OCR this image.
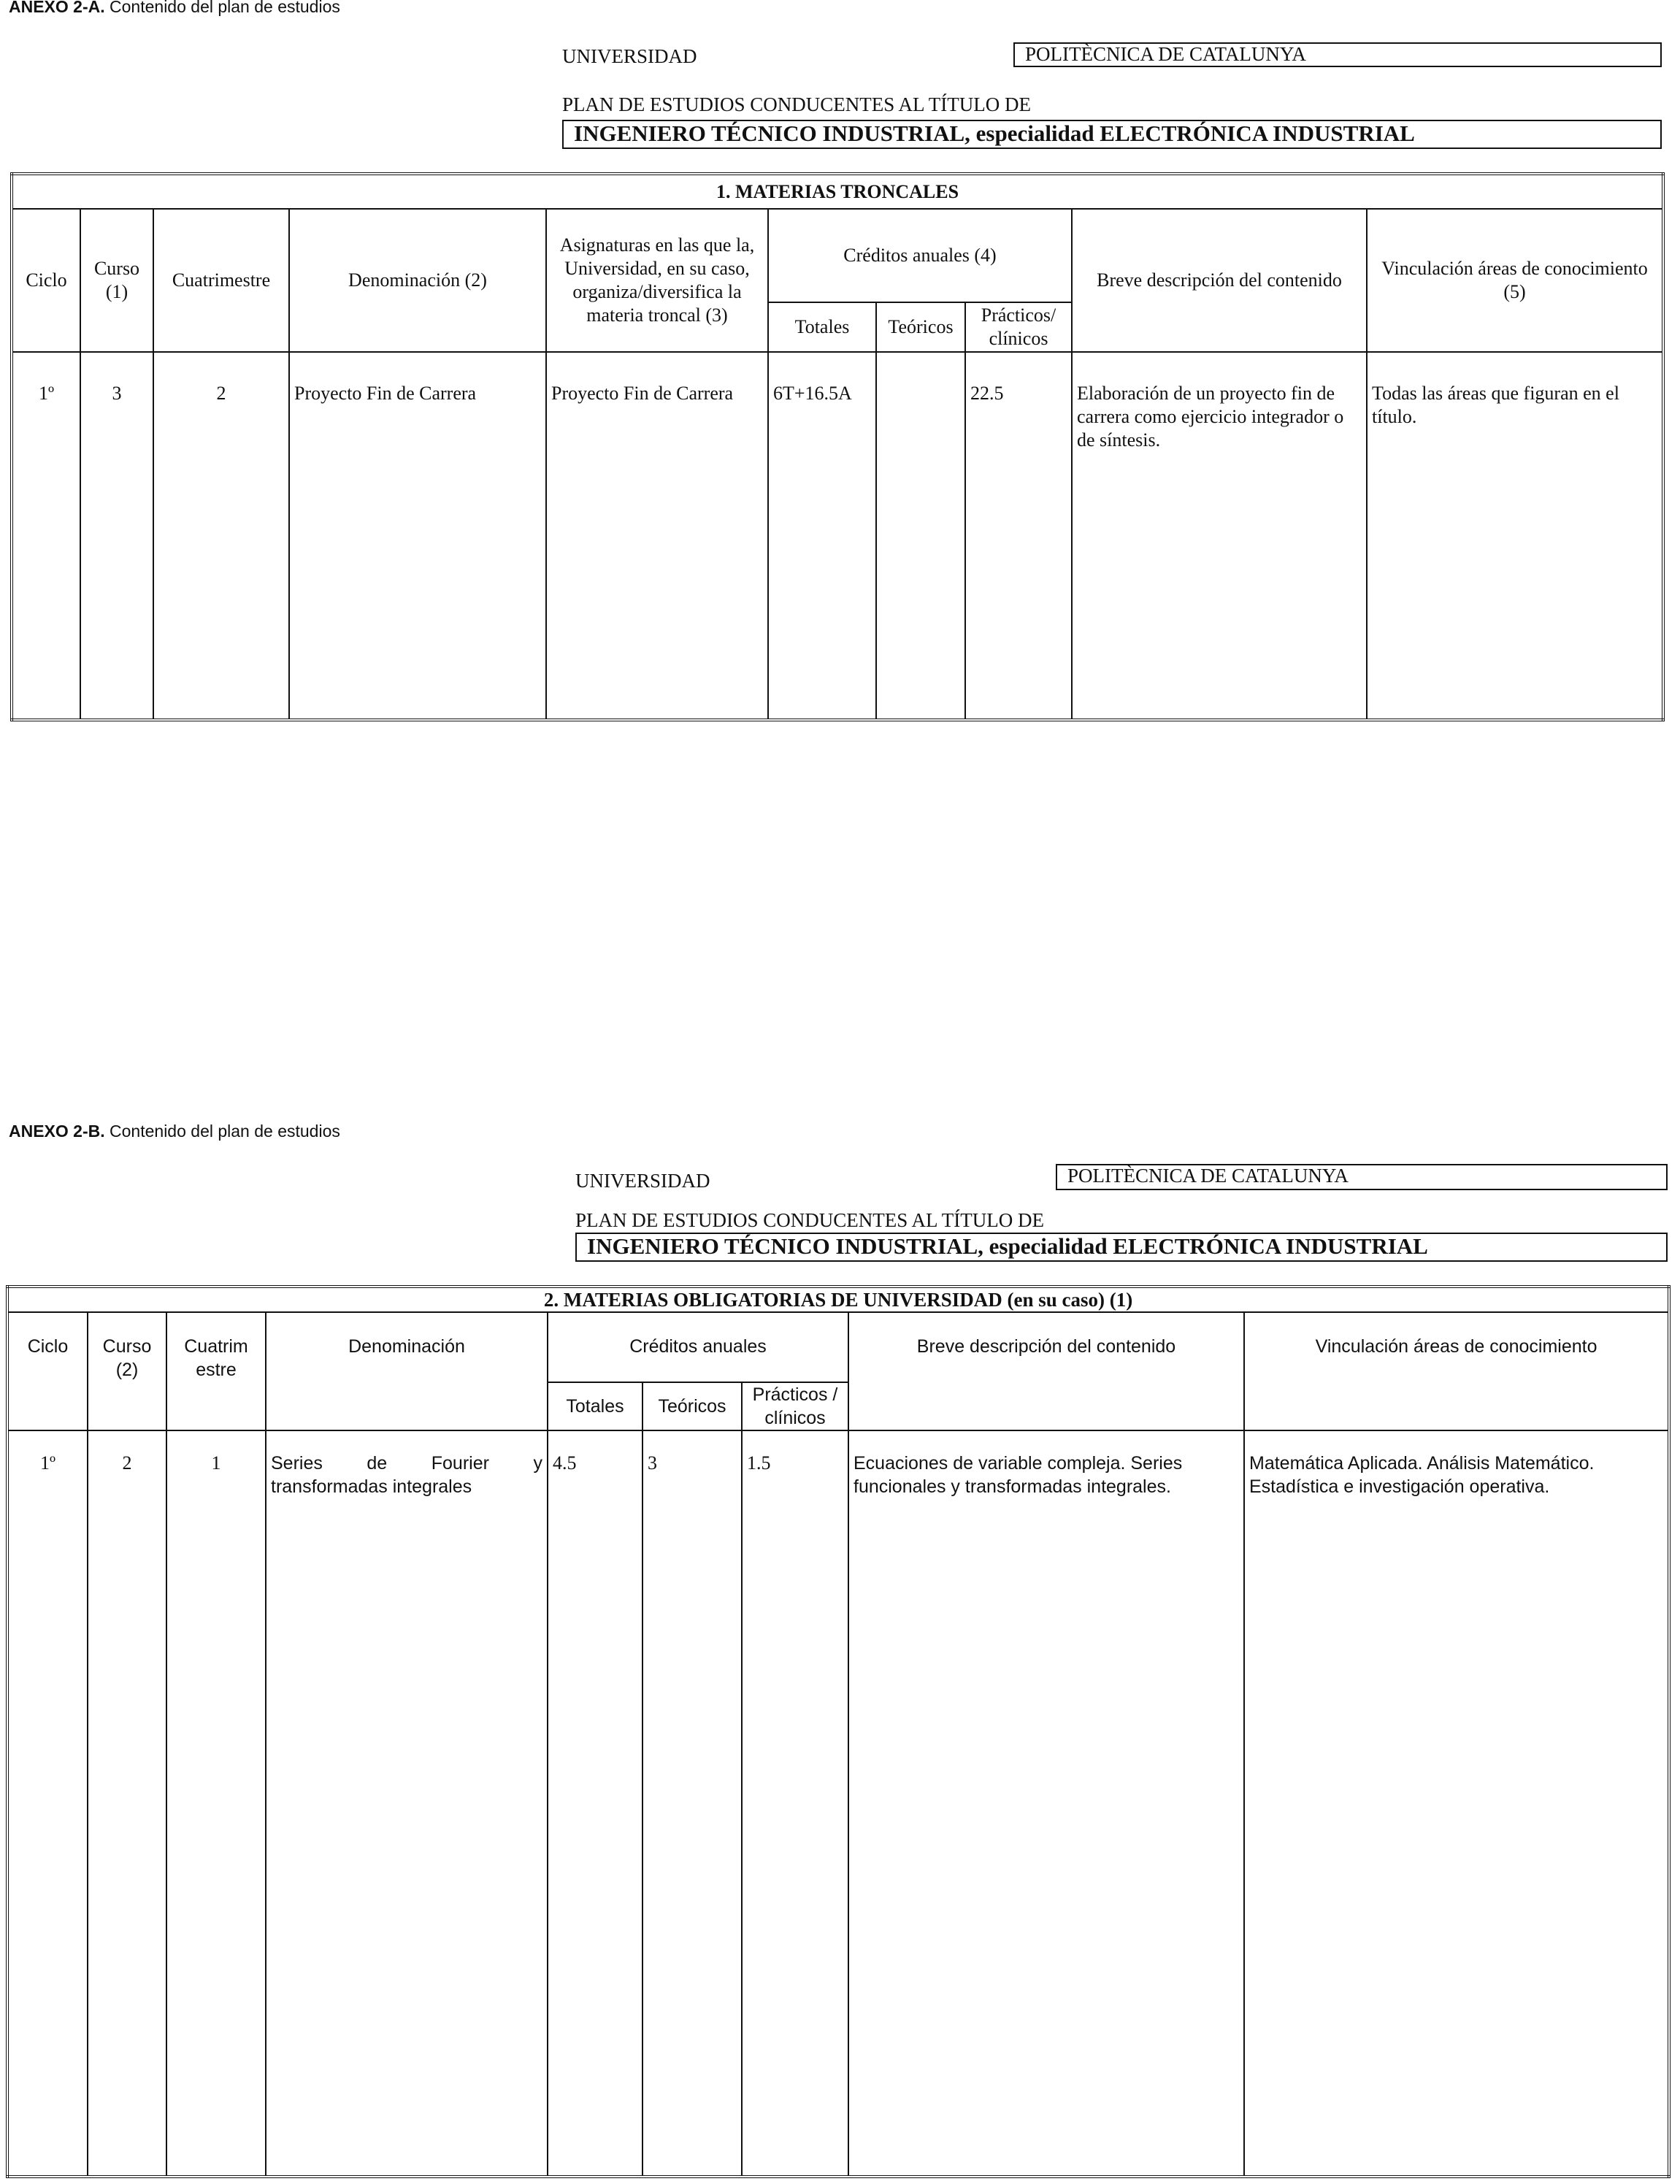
ANEXO 2-A. Contenido del plan de estudios
UNIVERSIDAD	POLITÈCNICA DE CATALUNYA
PLAN DE ESTUDIOS CONDUCENTES AL TÍTULO DE
INGENIERO TÉCNICO INDUSTRIAL, especialidad ELECTRÓNICA INDUSTRIAL
1. MATERIAS TRONCALES									
Ciclo	Curso (1)	Cuatrimestre	Denominación (2)	Asignaturas en las que la, Universidad, en su caso, organiza/diversifica la materia troncal (3)	Créditos anuales (4)			Breve descripción del contenido	Vinculación áreas de conocimiento (5)
					Totales	Teóricos	Prácticos/ clínicos		
1º	3	2	Proyecto Fin de Carrera	Proyecto Fin de Carrera	6T+16.5A		22.5	Elaboración de un proyecto fin de carrera como ejercicio integrador o de síntesis.	Todas las áreas que figuran en el título.
ANEXO 2-B. Contenido del plan de estudios
UNIVERSIDAD	POLITÈCNICA DE CATALUNYA
PLAN DE ESTUDIOS CONDUCENTES AL TÍTULO DE
INGENIERO TÉCNICO INDUSTRIAL, especialidad ELECTRÓNICA INDUSTRIAL
2. MATERIAS OBLIGATORIAS DE UNIVERSIDAD (en su caso) (1)								
Ciclo	Curso (2)	Cuatrim estre	Denominación	Créditos anuales			Breve descripción del contenido	Vinculación áreas de conocimiento
				Totales	Teóricos	Prácticos / clínicos		
1º	2	1	Series de Fourier y transformadas integrales	4.5	3	1.5	Ecuaciones de variable compleja. Series funcionales y transformadas integrales.	Matemática Aplicada. Análisis Matemático. Estadística e investigación operativa.
